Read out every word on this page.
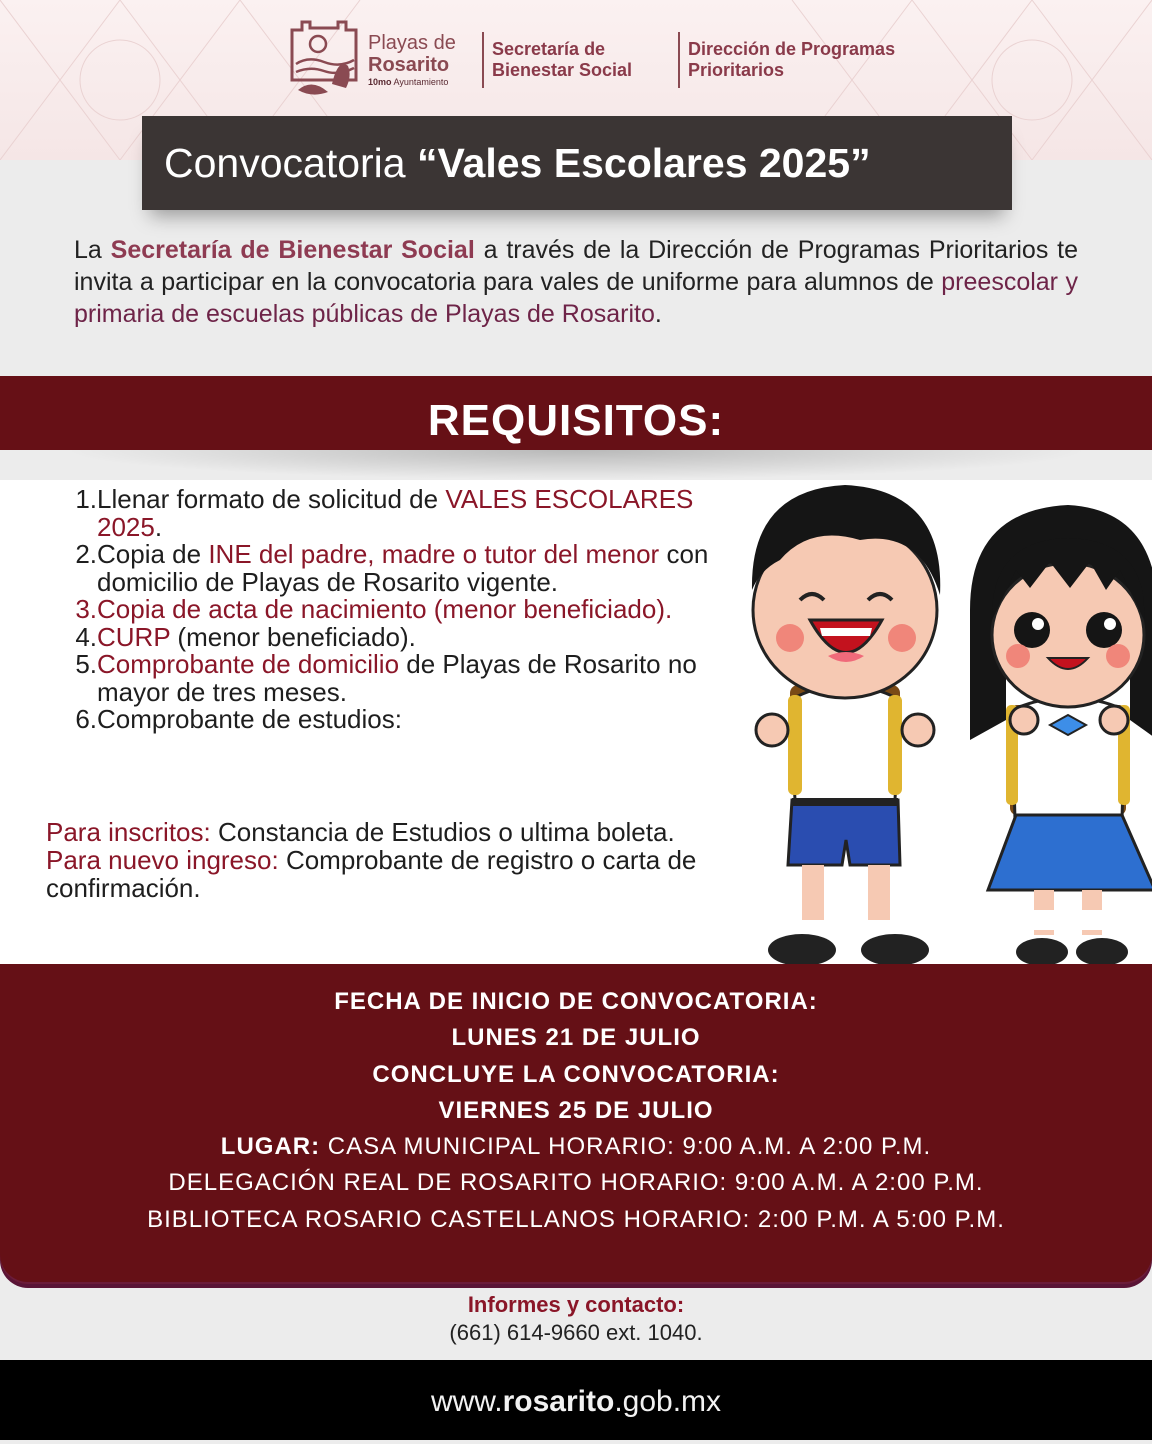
Playas de
Rosarito
10mo Ayuntamiento
Secretaría de Bienestar Social
Dirección de Programas Prioritarios
Convocatoria “Vales Escolares 2025”
La Secretaría de Bienestar Social a través de la Dirección de Programas Prioritarios te invita a participar en la convocatoria para vales de uniforme para alumnos de preescolar y primaria de escuelas públicas de Playas de Rosarito.
REQUISITOS:
1. Llenar formato de solicitud de VALES ESCOLARES 2025.
2. Copia de INE del padre, madre o tutor del menor con domicilio de Playas de Rosarito vigente.
3. Copia de acta de nacimiento (menor beneficiado).
4. CURP (menor beneficiado).
5. Comprobante de domicilio de Playas de Rosarito no mayor de tres meses.
6. Comprobante de estudios:
Para inscritos: Constancia de Estudios o ultima boleta.
Para nuevo ingreso: Comprobante de registro o carta de confirmación.
FECHA DE INICIO DE CONVOCATORIA:
LUNES 21 DE JULIO
CONCLUYE LA CONVOCATORIA:
VIERNES 25 DE JULIO
LUGAR: CASA MUNICIPAL HORARIO: 9:00 A.M. A 2:00 P.M.
DELEGACIÓN REAL DE ROSARITO HORARIO: 9:00 A.M. A 2:00 P.M.
BIBLIOTECA ROSARIO CASTELLANOS HORARIO: 2:00 P.M. A 5:00 P.M.
Informes y contacto:
(661) 614-9660 ext. 1040.
www.rosarito.gob.mx
